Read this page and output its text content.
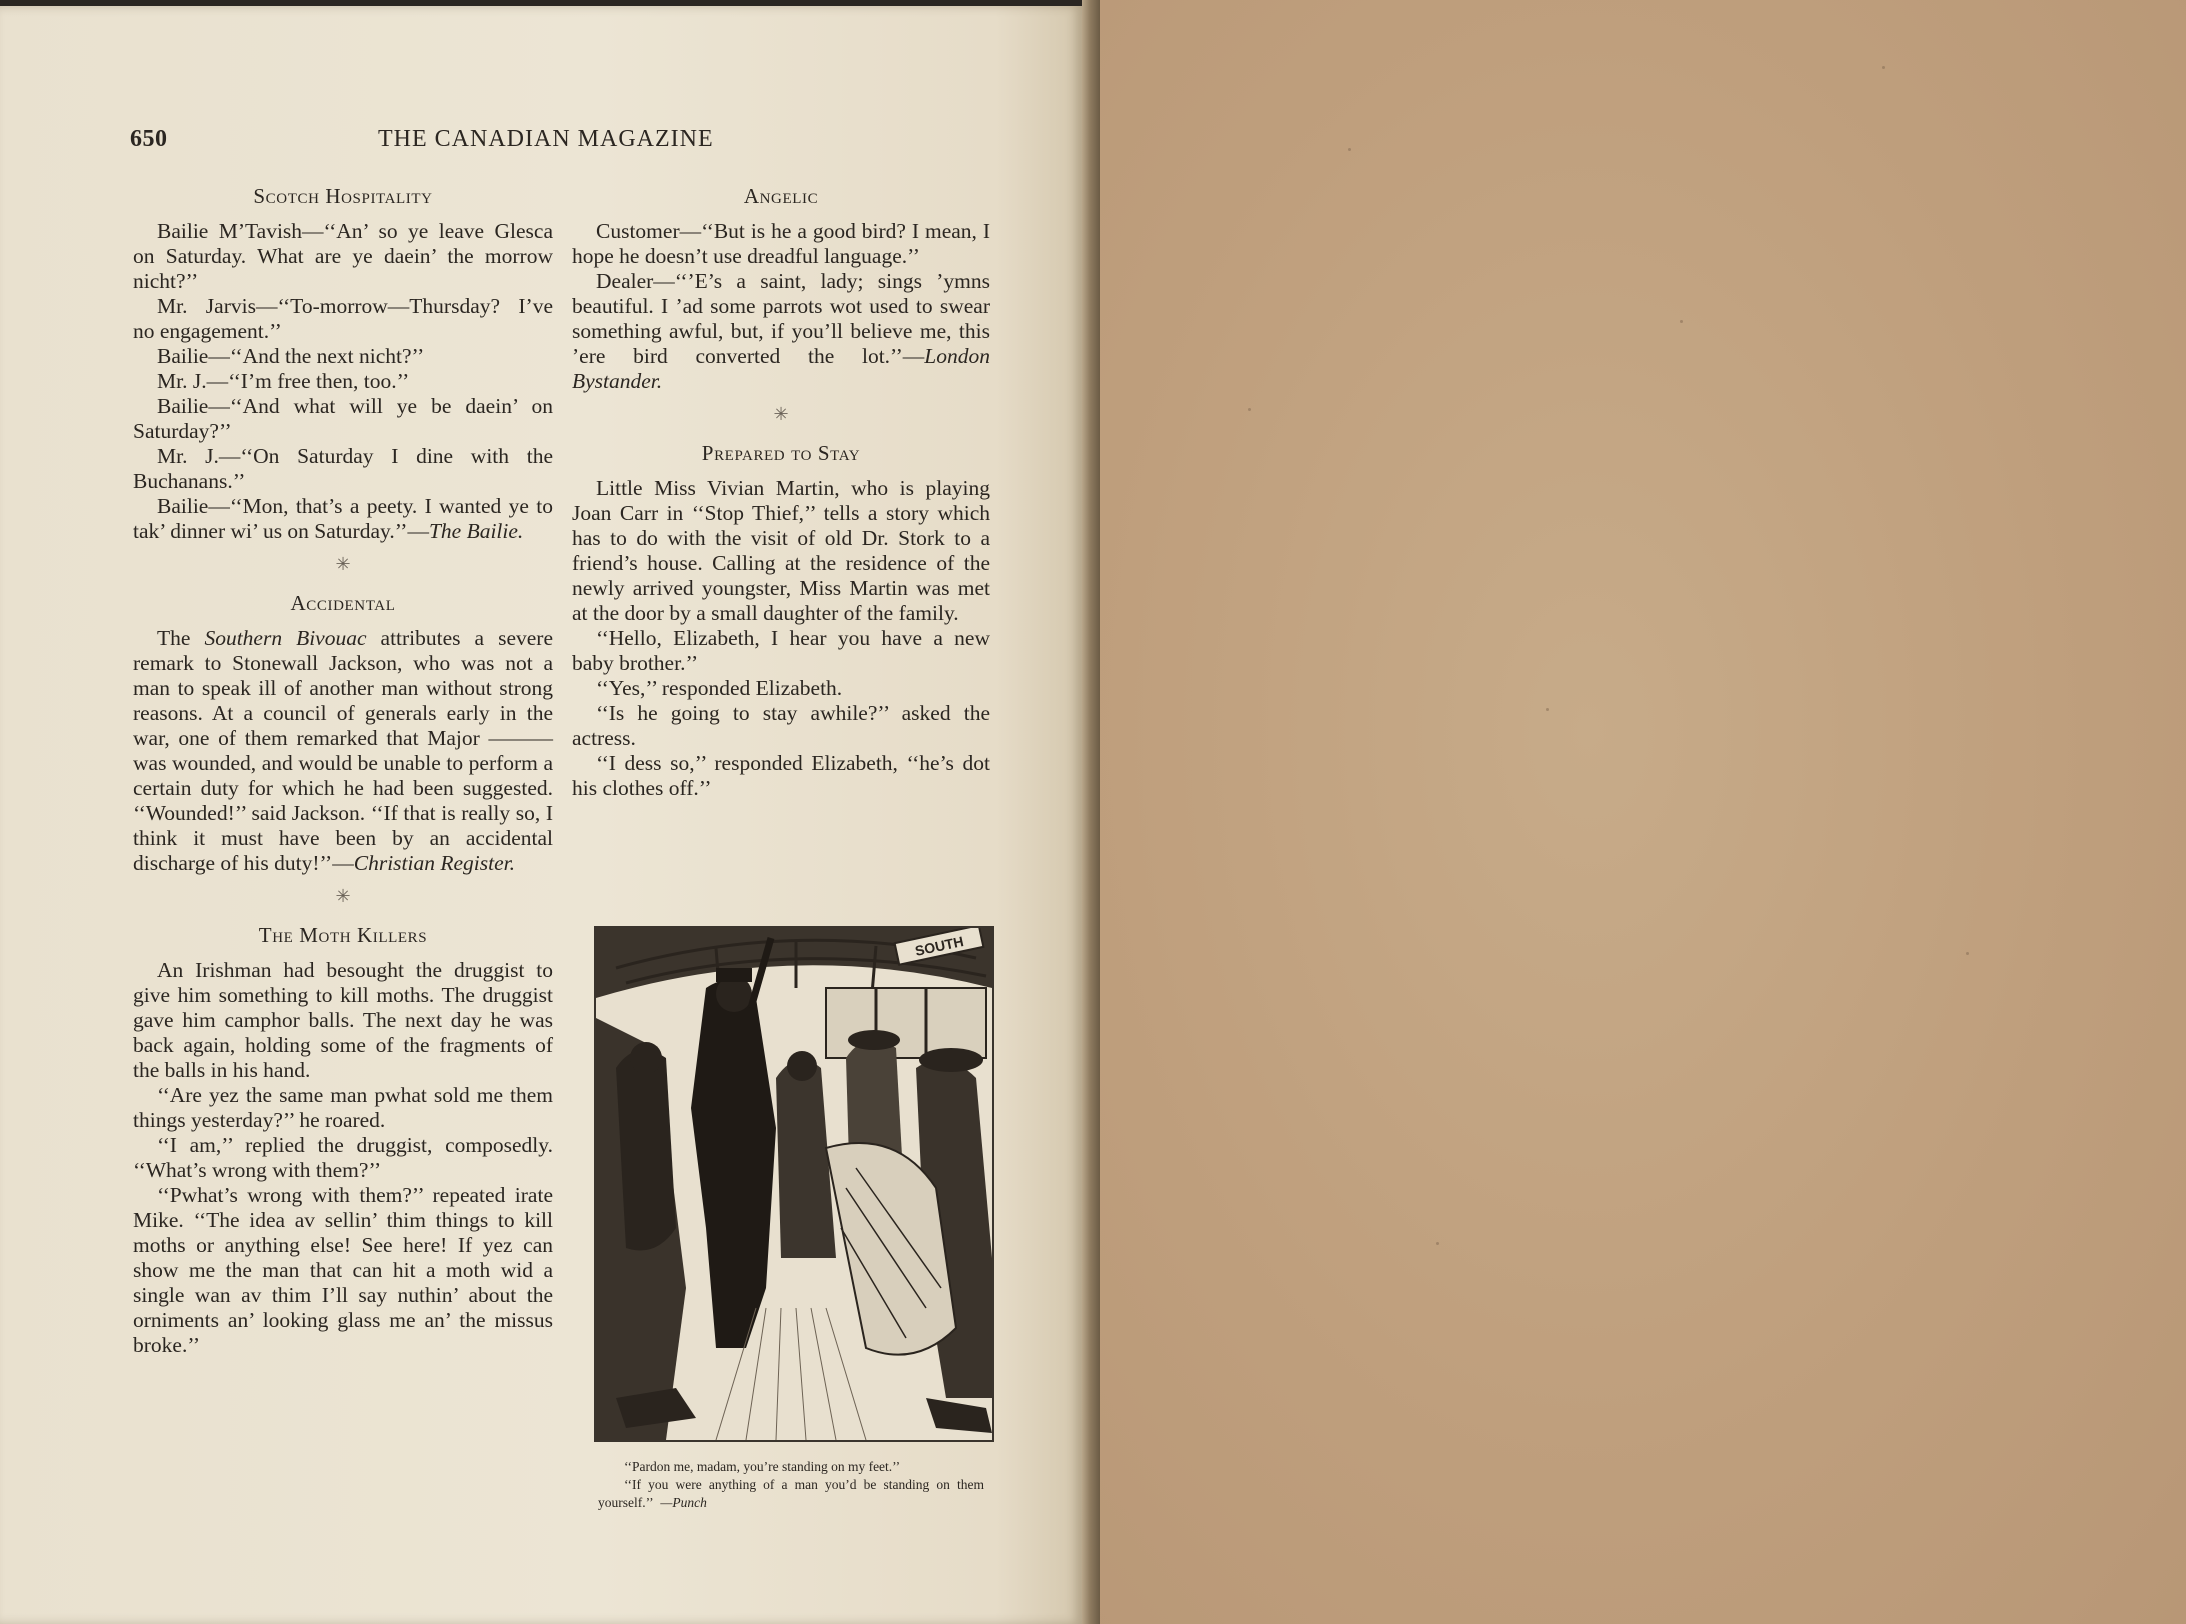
650	THE CANADIAN MAGAZINE
Scotch Hospitality

Bailie M’Tavish—‘‘An’ so ye leave Glesca on Saturday. What are ye daein’ the morrow nicht?’’

Mr. Jarvis—‘‘To-morrow—Thursday? I’ve no engagement.’’

Bailie—‘‘And the next nicht?’’

Mr. J.—‘‘I’m free then, too.’’

Bailie—‘‘And what will ye be daein’ on Saturday?’’

Mr. J.—‘‘On Saturday I dine with the Buchanans.’’

Bailie—‘‘Mon, that’s a peety. I wanted ye to tak’ dinner wi’ us on Saturday.’’—The Bailie.

✳
Accidental

The Southern Bivouac attributes a severe remark to Stonewall Jackson, who was not a man to speak ill of another man without strong reasons. At a council of generals early in the war, one of them remarked that Major ——— was wounded, and would be unable to perform a certain duty for which he had been suggested. ‘‘Wounded!’’ said Jackson. ‘‘If that is really so, I think it must have been by an accidental discharge of his duty!’’—Christian Register.

✳
The Moth Killers

An Irishman had besought the druggist to give him something to kill moths. The druggist gave him camphor balls. The next day he was back again, holding some of the fragments of the balls in his hand.

‘‘Are yez the same man pwhat sold me them things yesterday?’’ he roared.

‘‘I am,’’ replied the druggist, composedly. ‘‘What’s wrong with them?’’

‘‘Pwhat’s wrong with them?’’ repeated irate Mike. ‘‘The idea av sellin’ thim things to kill moths or anything else! See here! If yez can show me the man that can hit a moth wid a single wan av thim I’ll say nuthin’ about the orniments an’ looking glass me an’ the missus broke.’’

Angelic

Customer—‘‘But is he a good bird? I mean, I hope he doesn’t use dreadful language.’’

Dealer—‘‘’E’s a saint, lady; sings ’ymns beautiful. I ’ad some parrots wot used to swear something awful, but, if you’ll believe me, this ’ere bird converted the lot.’’—London Bystander.

✳
Prepared to Stay

Little Miss Vivian Martin, who is playing Joan Carr in ‘‘Stop Thief,’’ tells a story which has to do with the visit of old Dr. Stork to a friend’s house. Calling at the residence of the newly arrived youngster, Miss Martin was met at the door by a small daughter of the family.

‘‘Hello, Elizabeth, I hear you have a new baby brother.’’

‘‘Yes,’’ responded Elizabeth.

‘‘Is he going to stay awhile?’’ asked the actress.

‘‘I dess so,’’ responded Elizabeth, ‘‘he’s dot his clothes off.’’

SOUTH

‘‘Pardon me, madam, you’re standing on my feet.’’

‘‘If you were anything of a man you’d be standing on them yourself.’’ —Punch
